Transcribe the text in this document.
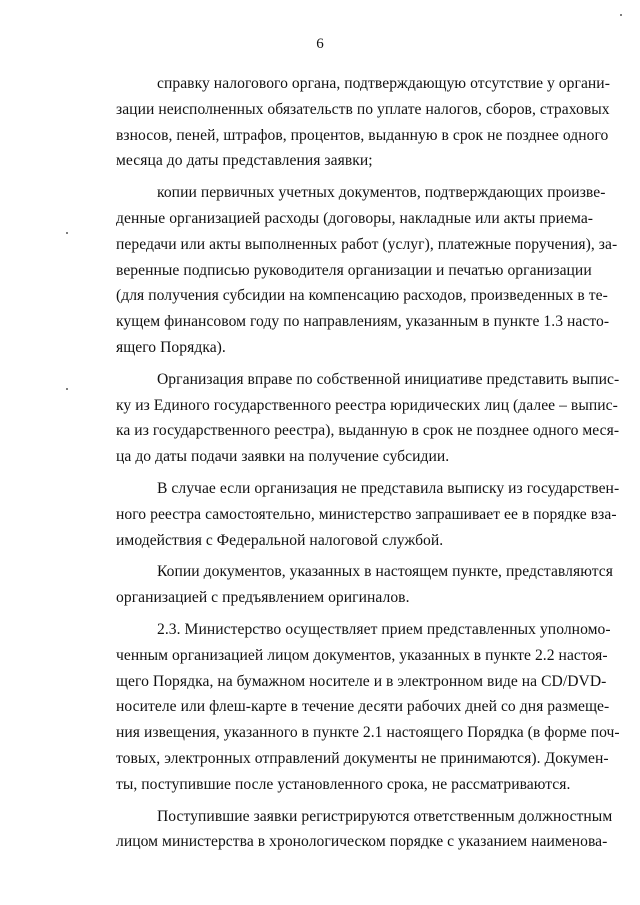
6
справку налогового органа, подтверждающую отсутствие у органи-
зации неисполненных обязательств по уплате налогов, сборов, страховых
взносов, пеней, штрафов, процентов, выданную в срок не позднее одного
месяца до даты представления заявки;
копии первичных учетных документов, подтверждающих произве-
денные организацией расходы (договоры, накладные или акты приема-
передачи или акты выполненных работ (услуг), платежные поручения), за-
веренные подписью руководителя организации и печатью организации
(для получения субсидии на компенсацию расходов, произведенных в те-
кущем финансовом году по направлениям, указанным в пункте 1.3 насто-
ящего Порядка).
Организация вправе по собственной инициативе представить выпис-
ку из Единого государственного реестра юридических лиц (далее – выпис-
ка из государственного реестра), выданную в срок не позднее одного меся-
ца до даты подачи заявки на получение субсидии.
В случае если организация не представила выписку из государствен-
ного реестра самостоятельно, министерство запрашивает ее в порядке вза-
имодействия с Федеральной налоговой службой.
Копии документов, указанных в настоящем пункте, представляются
организацией с предъявлением оригиналов.
2.3. Министерство осуществляет прием представленных уполномо-
ченным организацией лицом документов, указанных в пункте 2.2 настоя-
щего Порядка, на бумажном носителе и в электронном виде на CD/DVD-
носителе или флеш-карте в течение десяти рабочих дней со дня размеще-
ния извещения, указанного в пункте 2.1 настоящего Порядка (в форме поч-
товых, электронных отправлений документы не принимаются). Докумен-
ты, поступившие после установленного срока, не рассматриваются.
Поступившие заявки регистрируются ответственным должностным
лицом министерства в хронологическом порядке с указанием наименова-
